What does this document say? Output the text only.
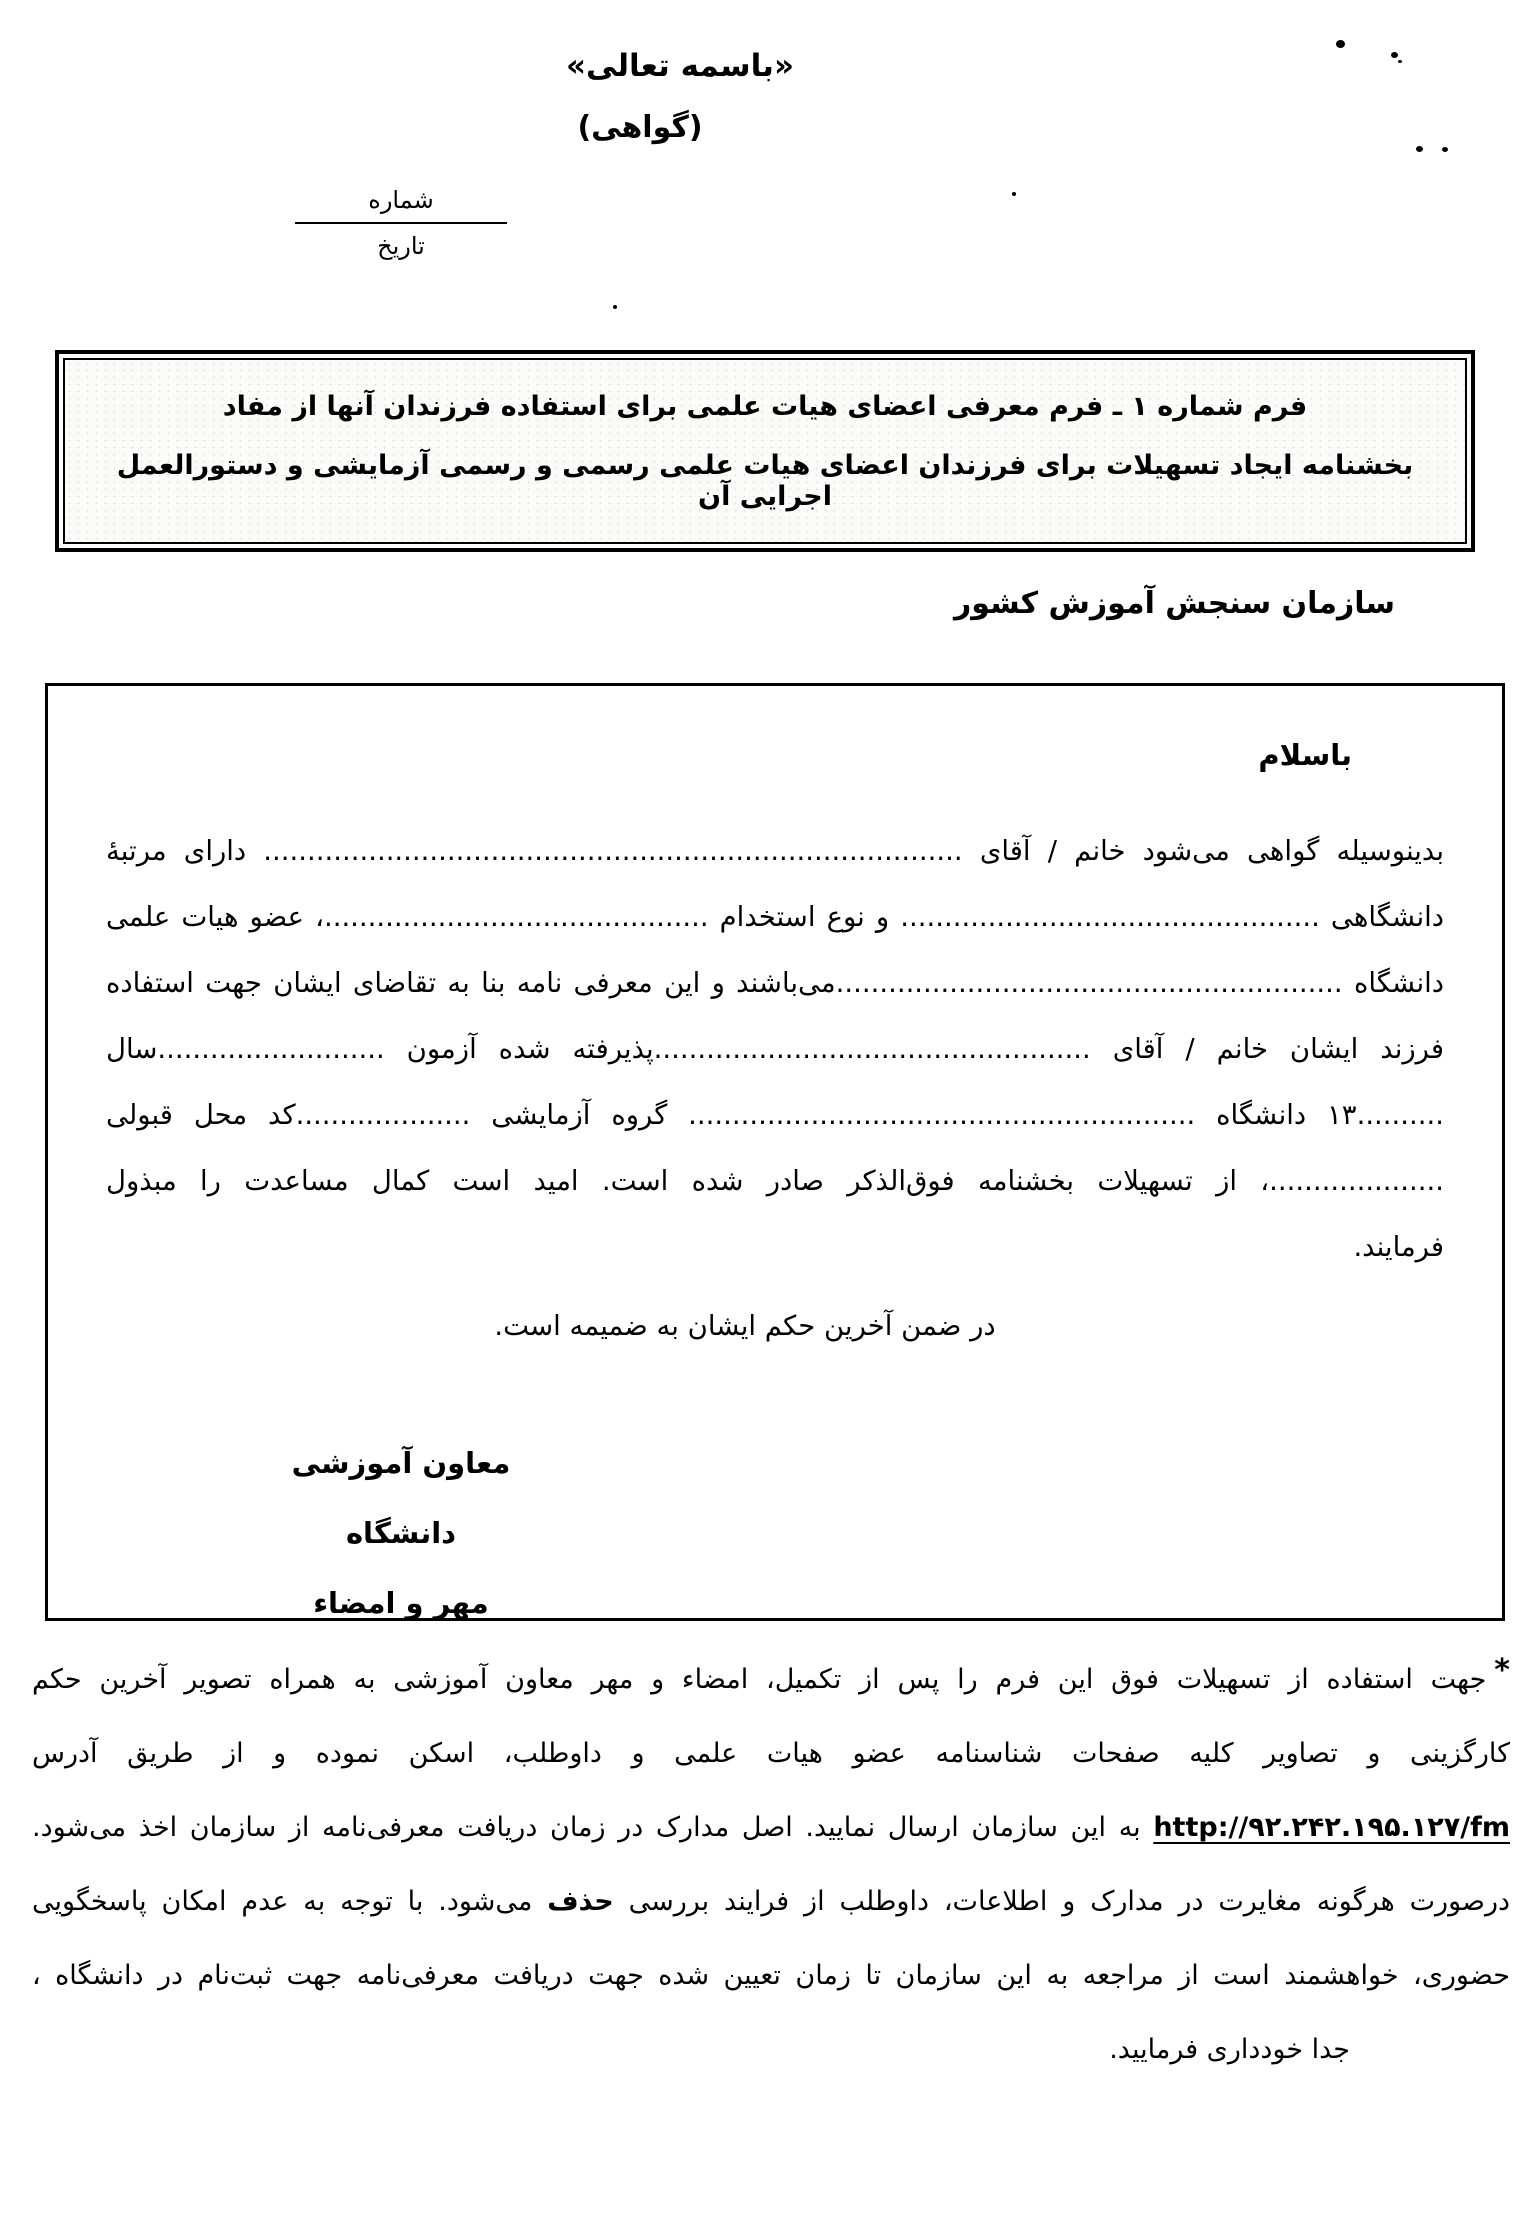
«باسمه تعالی»
(گواهی)
شماره
تاریخ
فرم شماره ۱ ـ فرم معرفی اعضای هیات علمی برای استفاده فرزندان آنها از مفاد
بخشنامه ایجاد تسهیلات برای فرزندان اعضای هیات علمی رسمی و رسمی آزمایشی و دستورالعمل اجرایی آن
سازمان سنجش آموزش کشور
باسلام
بدینوسیله گواهی می‌شود خانم / آقای ................................................................................ دارای مرتبهٔ
دانشگاهی ................................................ و نوع استخدام ............................................، عضو هیات علمی
دانشگاه ..........................................................می‌باشند و این معرفی نامه بنا به تقاضای ایشان جهت استفاده
فرزند ایشان خانم / آقای ..................................................پذیرفته شده آزمون ..........................سال
..........۱۳ دانشگاه .......................................................... گروه آزمایشی ....................کد محل قبولی
....................، از تسهیلات بخشنامه فوق‌الذکر صادر شده است. امید است کمال مساعدت را مبذول
فرمایند.
در ضمن آخرین حکم ایشان به ضمیمه است.
معاون آموزشی دانشگاه
مهر و امضاء
*جهت استفاده از تسهیلات فوق این فرم را پس از تکمیل، امضاء و مهر معاون آموزشی به همراه تصویر آخرین حکم
کارگزینی و تصاویر کلیه صفحات شناسنامه عضو هیات علمی و داوطلب، اسکن نموده و از طریق آدرس
http://۹۲.۲۴۲.۱۹۵.۱۲۷/fm به این سازمان ارسال نمایید. اصل مدارک در زمان دریافت معرفی‌نامه از سازمان اخذ می‌شود.
درصورت هرگونه مغایرت در مدارک و اطلاعات، داوطلب از فرایند بررسی حذف می‌شود. با توجه به عدم امکان پاسخگویی
حضوری، خواهشمند است از مراجعه به این سازمان تا زمان تعیین شده جهت دریافت معرفی‌نامه جهت ثبت‌نام در دانشگاه ،
جدا خودداری فرمایید.
